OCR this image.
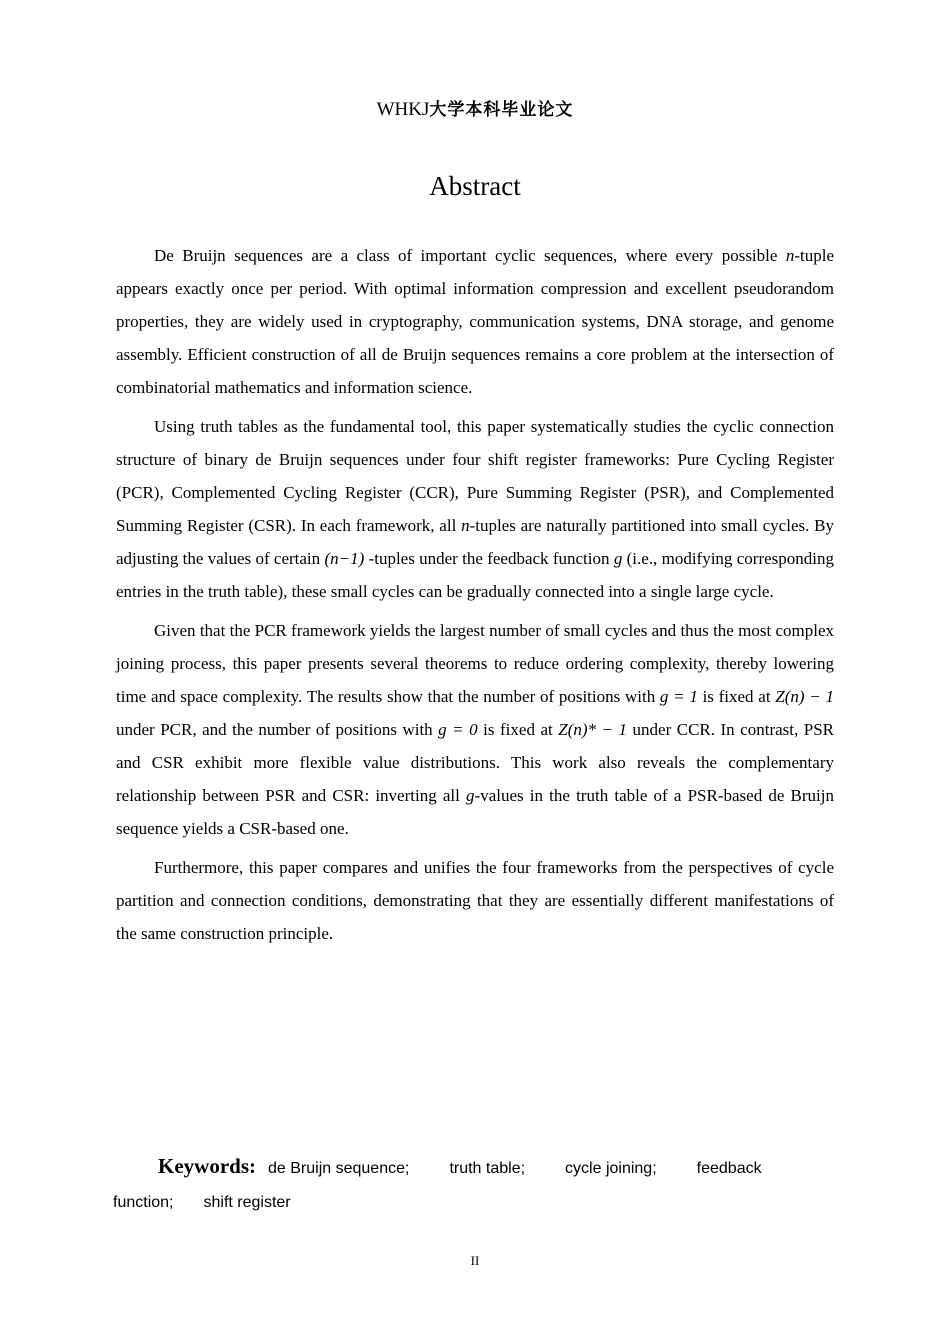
WHKJ大学本科毕业论文
Abstract

De Bruijn sequences are a class of important cyclic sequences, where every possible n-tuple appears exactly once per period. With optimal information compression and excellent pseudorandom properties, they are widely used in cryptography, communication systems, DNA storage, and genome assembly. Efficient construction of all de Bruijn sequences remains a core problem at the intersection of combinatorial mathematics and information science.

Using truth tables as the fundamental tool, this paper systematically studies the cyclic connection structure of binary de Bruijn sequences under four shift register frameworks: Pure Cycling Register (PCR), Complemented Cycling Register (CCR), Pure Summing Register (PSR), and Complemented Summing Register (CSR). In each framework, all n-tuples are naturally partitioned into small cycles. By adjusting the values of certain (n−1) -tuples under the feedback function g (i.e., modifying corresponding entries in the truth table), these small cycles can be gradually connected into a single large cycle.

Given that the PCR framework yields the largest number of small cycles and thus the most complex joining process, this paper presents several theorems to reduce ordering complexity, thereby lowering time and space complexity. The results show that the number of positions with g = 1 is fixed at Z(n) − 1 under PCR, and the number of positions with g = 0 is fixed at Z(n)* − 1 under CCR. In contrast, PSR and CSR exhibit more flexible value distributions. This work also reveals the complementary relationship between PSR and CSR: inverting all g-values in the truth table of a PSR-based de Bruijn sequence yields a CSR-based one.

Furthermore, this paper compares and unifies the four frameworks from the perspectives of cycle partition and connection conditions, demonstrating that they are essentially different manifestations of the same construction principle.

Keywords: de Bruijn sequence;	truth table;	cycle joining;	feedback
function; shift register
II
